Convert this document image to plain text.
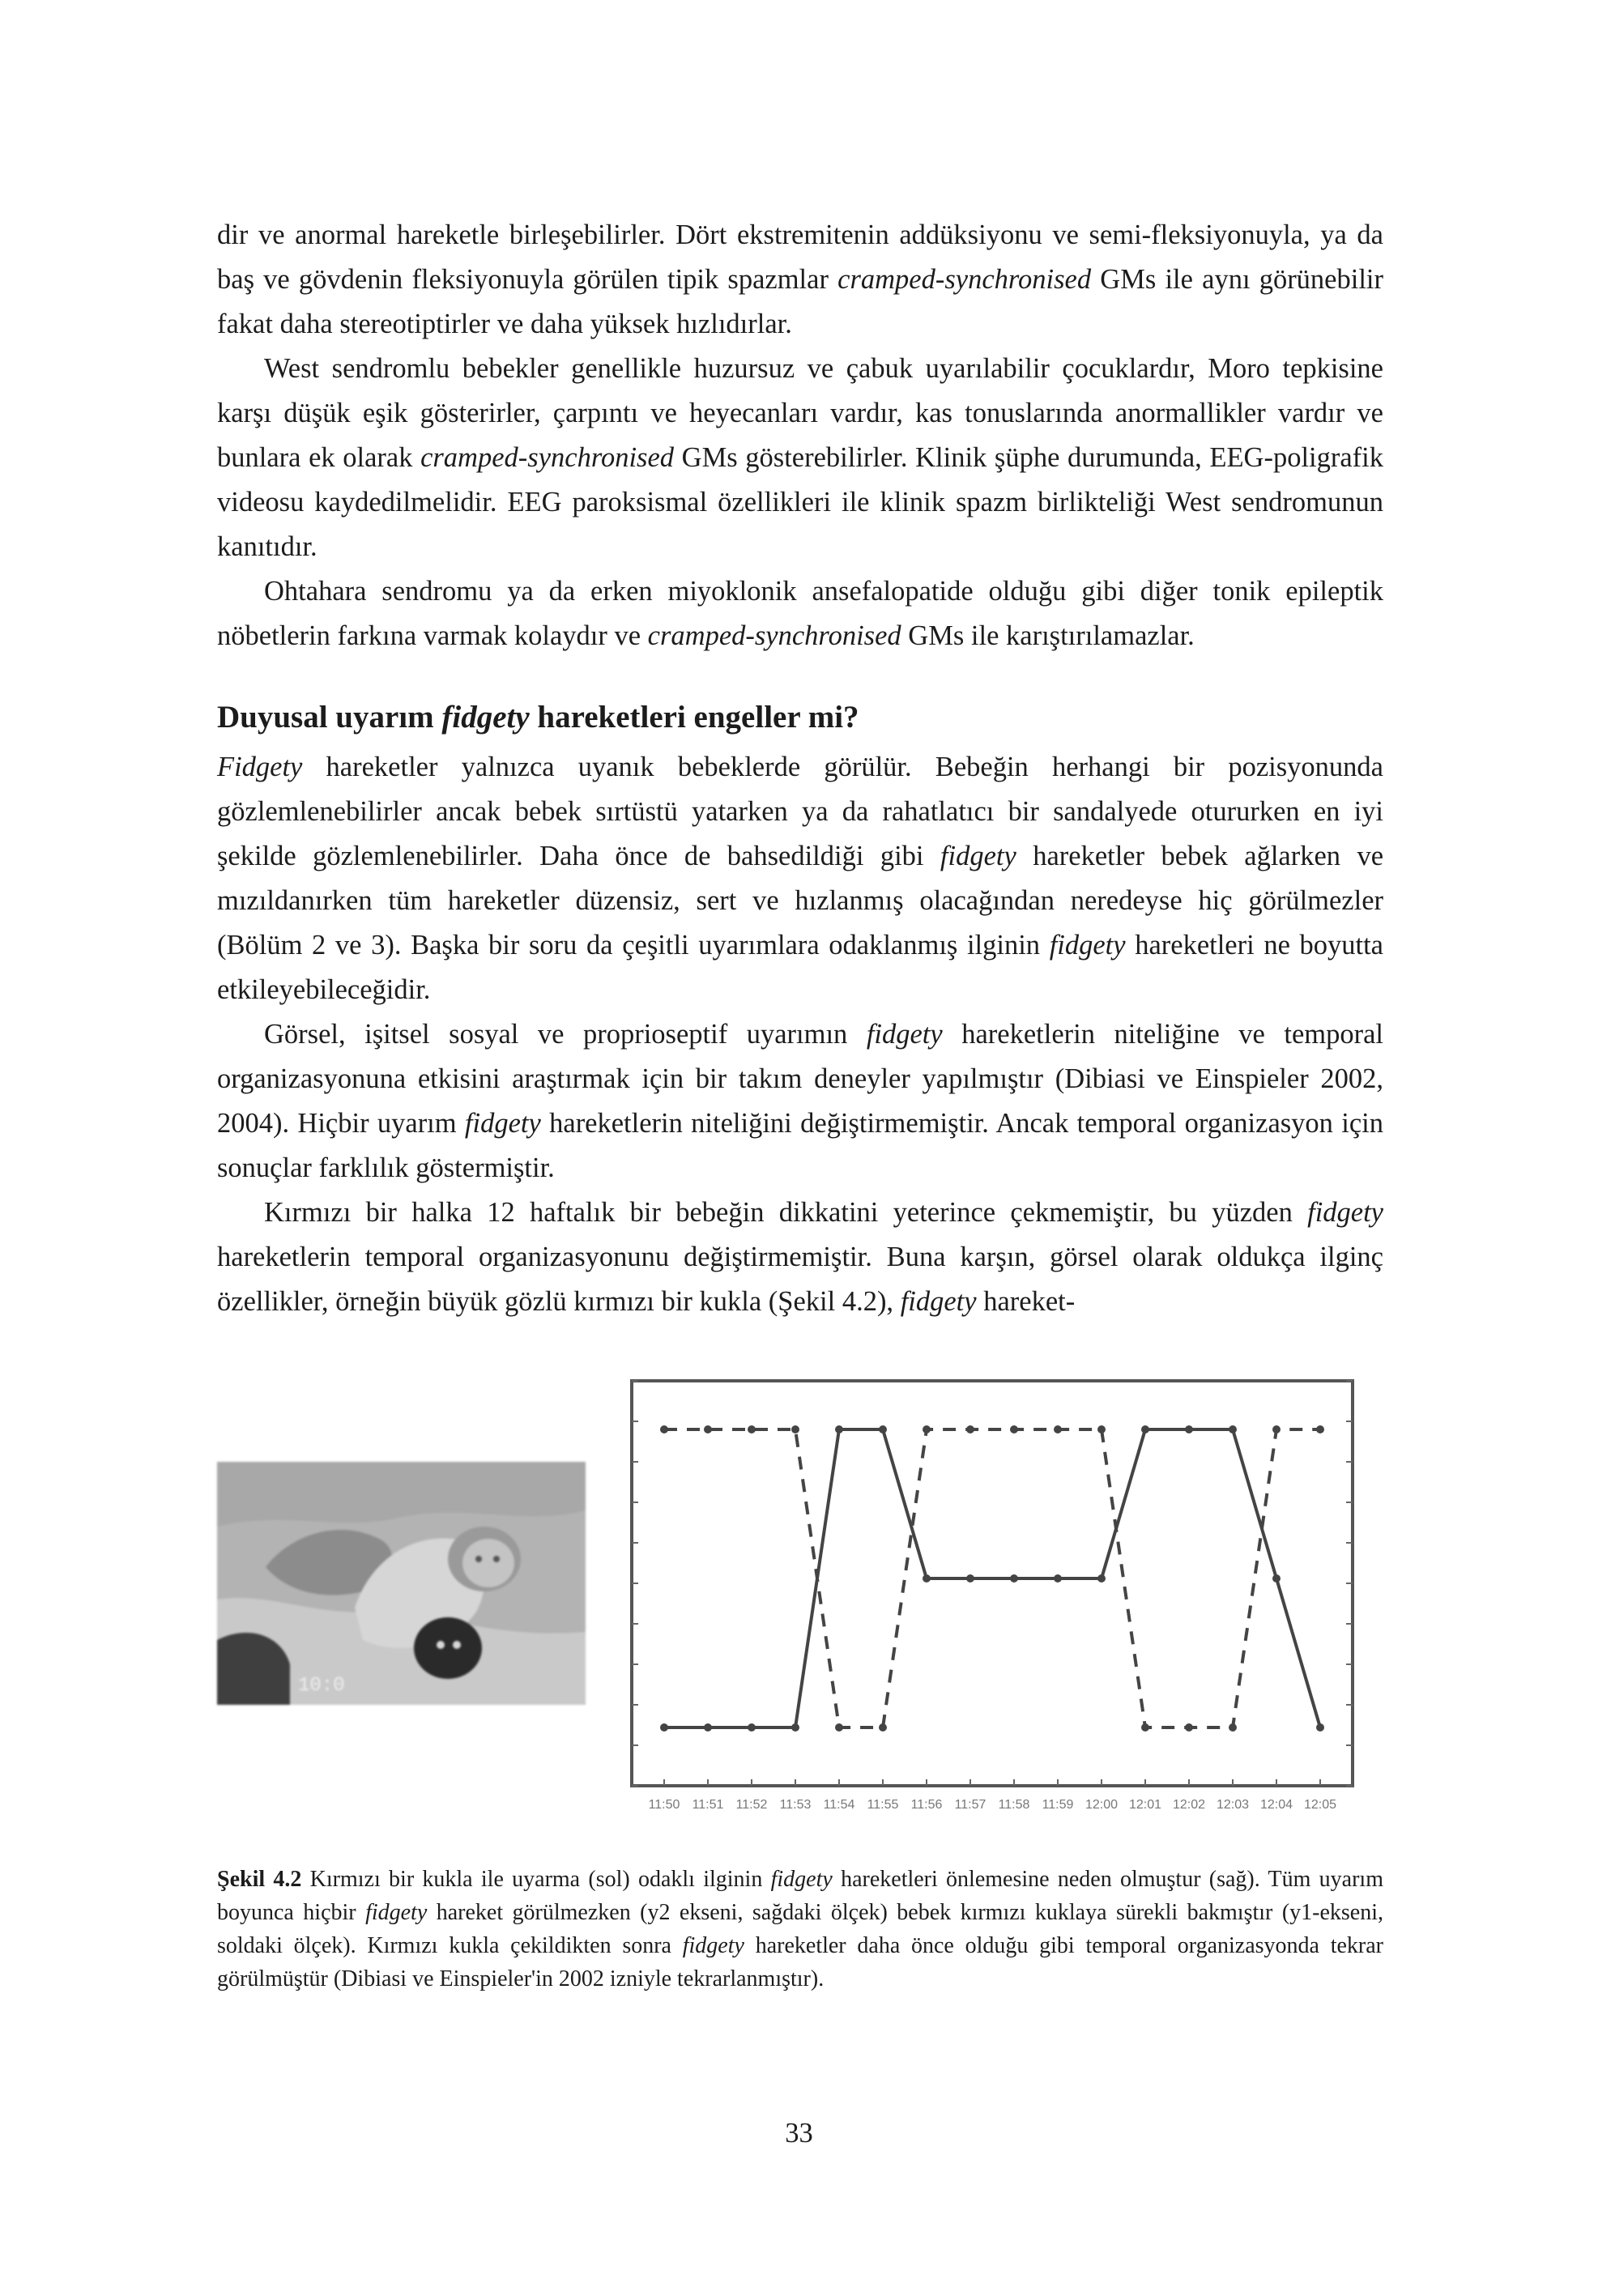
dir ve anormal hareketle birleşebilirler. Dört ekstremitenin addüksiyonu ve semi-fleksiyonuyla, ya da baş ve gövdenin fleksiyonuyla görülen tipik spazmlar cramped-synchronised GMs ile aynı görünebilir fakat daha stereotiptirler ve daha yüksek hızlıdırlar.

West sendromlu bebekler genellikle huzursuz ve çabuk uyarılabilir çocuklardır, Moro tepkisine karşı düşük eşik gösterirler, çarpıntı ve heyecanları vardır, kas tonuslarında anormallikler vardır ve bunlara ek olarak cramped-synchronised GMs gösterebilirler. Klinik şüphe durumunda, EEG-poligrafik videosu kaydedilmelidir. EEG paroksismal özellikleri ile klinik spazm birlikteliği West sendromunun kanıtıdır.

Ohtahara sendromu ya da erken miyoklonik ansefalopatide olduğu gibi diğer tonik epileptik nöbetlerin farkına varmak kolaydır ve cramped-synchronised GMs ile karıştırılamazlar.

Duyusal uyarım fidgety hareketleri engeller mi?

Fidgety hareketler yalnızca uyanık bebeklerde görülür. Bebeğin herhangi bir pozisyonunda gözlemlenebilirler ancak bebek sırtüstü yatarken ya da rahatlatıcı bir sandalyede otururken en iyi şekilde gözlemlenebilirler. Daha önce de bahsedildiği gibi fidgety hareketler bebek ağlarken ve mızıldanırken tüm hareketler düzensiz, sert ve hızlanmış olacağından neredeyse hiç görülmezler (Bölüm 2 ve 3). Başka bir soru da çeşitli uyarımlara odaklanmış ilginin fidgety hareketleri ne boyutta etkileyebileceğidir.

Görsel, işitsel sosyal ve proprioseptif uyarımın fidgety hareketlerin niteliğine ve temporal organizasyonuna etkisini araştırmak için bir takım deneyler yapılmıştır (Dibiasi ve Einspieler 2002, 2004). Hiçbir uyarım fidgety hareketlerin niteliğini değiştirmemiştir. Ancak temporal organizasyon için sonuçlar farklılık göstermiştir.

Kırmızı bir halka 12 haftalık bir bebeğin dikkatini yeterince çekmemiştir, bu yüzden fidgety hareketlerin temporal organizasyonunu değiştirmemiştir. Buna karşın, görsel olarak oldukça ilginç özellikler, örneğin büyük gözlü kırmızı bir kukla (Şekil 4.2), fidgety hareket-

10:0
11:50 11:51 11:52 11:53 11:54 11:55 11:56 11:57 11:58 11:59 12:00 12:01 12:02 12:03 12:04 12:05
Şekil 4.2 Kırmızı bir kukla ile uyarma (sol) odaklı ilginin fidgety hareketleri önlemesine neden olmuştur (sağ). Tüm uyarım boyunca hiçbir fidgety hareket görülmezken (y2 ekseni, sağdaki ölçek) bebek kırmızı kuklaya sürekli bakmıştır (y1-ekseni, soldaki ölçek). Kırmızı kukla çekildikten sonra fidgety hareketler daha önce olduğu gibi temporal organizasyonda tekrar görülmüştür (Dibiasi ve Einspieler'in 2002 izniyle tekrarlanmıştır).
33
